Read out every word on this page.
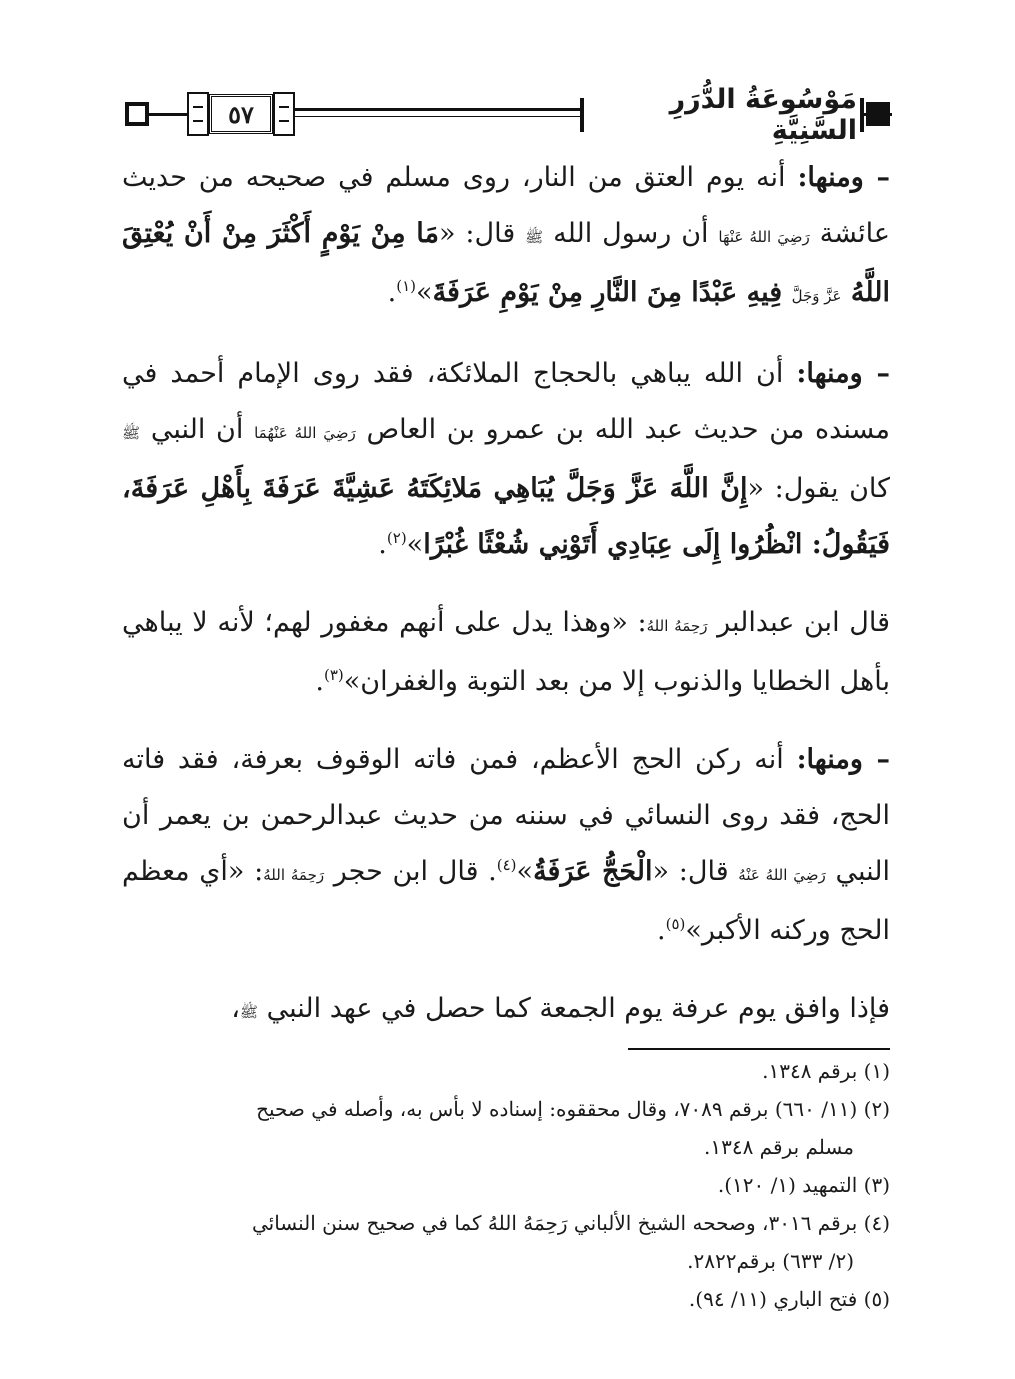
٥٧	مَوْسُوعَةُ الدُّرَرِ السَّنِيَّةِ

– ومنها: أنه يوم العتق من النار، روى مسلم في صحيحه من حديث عائشة رَضِيَ اللهُ عَنْهَا أن رسول الله ﷺ قال: «مَا مِنْ يَوْمٍ أَكْثَرَ مِنْ أَنْ يُعْتِقَ اللَّهُ عَزَّ وَجَلَّ فِيهِ عَبْدًا مِنَ النَّارِ مِنْ يَوْمِ عَرَفَةَ»$^{(١)}$.

– ومنها: أن الله يباهي بالحجاج الملائكة، فقد روى الإمام أحمد في مسنده من حديث عبد الله بن عمرو بن العاص رَضِيَ اللهُ عَنْهُمَا أن النبي ﷺ كان يقول: «إِنَّ اللَّهَ عَزَّ وَجَلَّ يُبَاهِي مَلائِكَتَهُ عَشِيَّةَ عَرَفَةَ بِأَهْلِ عَرَفَةَ، فَيَقُولُ: انْظُرُوا إِلَى عِبَادِي أَتَوْنِي شُعْثًا غُبْرًا»$^{(٢)}$.

قال ابن عبدالبر رَحِمَهُ اللهُ: «وهذا يدل على أنهم مغفور لهم؛ لأنه لا يباهي بأهل الخطايا والذنوب إلا من بعد التوبة والغفران»$^{(٣)}$.

– ومنها: أنه ركن الحج الأعظم، فمن فاته الوقوف بعرفة، فقد فاته الحج، فقد روى النسائي في سننه من حديث عبدالرحمن بن يعمر أن النبي رَضِيَ اللهُ عَنْهُ قال: «الْحَجُّ عَرَفَةُ»$^{(٤)}$. قال ابن حجر رَحِمَهُ اللهُ: «أي معظم الحج وركنه الأكبر»$^{(٥)}$.

فإذا وافق يوم عرفة يوم الجمعة كما حصل في عهد النبي ﷺ،

(١) برقم ١٣٤٨.

(٢) (١١/ ٦٦٠) برقم ٧٠٨٩، وقال محققوه: إسناده لا بأس به، وأصله في صحيح
مسلم برقم ١٣٤٨.

(٣) التمهيد (١/ ١٢٠).

(٤) برقم ٣٠١٦، وصححه الشيخ الألباني رَحِمَهُ اللهُ كما في صحيح سنن النسائي
(٢/ ٦٣٣) برقم٢٨٢٢.

(٥) فتح الباري (١١/ ٩٤).
